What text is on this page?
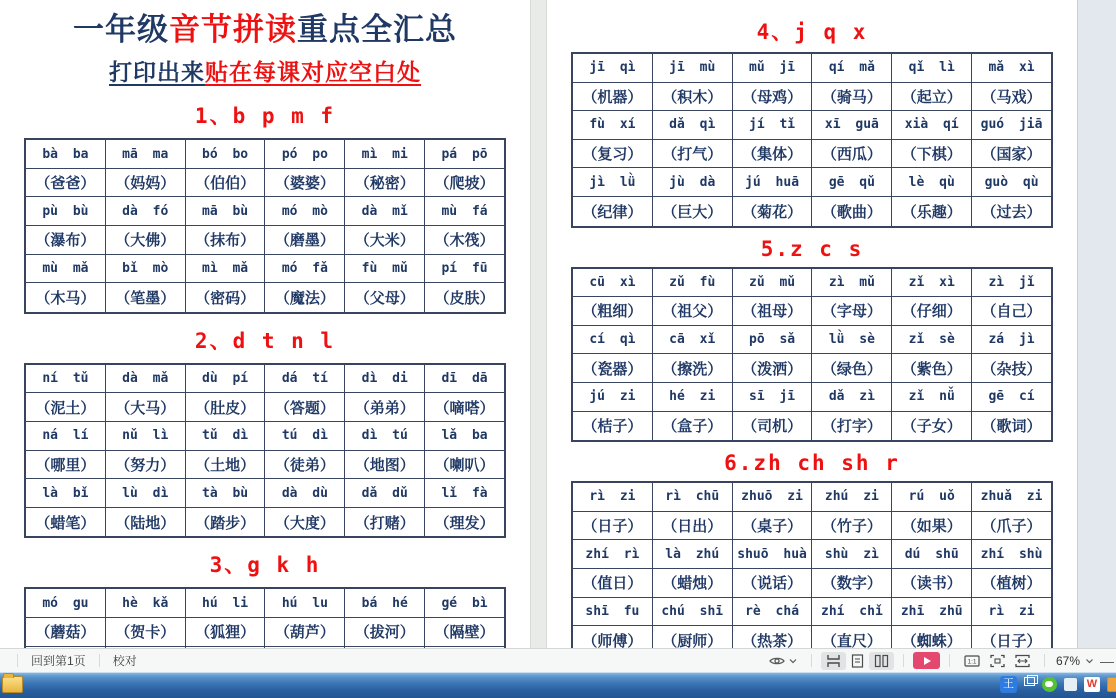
一年级音节拼读重点全汇总
打印出来贴在每课对应空白处
1、b p m f
bà ba	mā ma	bó bo	pó po	mì mi	pá pō
（爸爸）	（妈妈）	（伯伯）	（婆婆）	（秘密）	（爬坡）
pù bù	dà fó	mā bù	mó mò	dà mǐ	mù fá
（瀑布）	（大佛）	（抹布）	（磨墨）	（大米）	（木筏）
mù mǎ	bǐ mò	mì mǎ	mó fǎ	fù mǔ	pí fū
（木马）	（笔墨）	（密码）	（魔法）	（父母）	（皮肤）
2、d t n l
ní tǔ	dà mǎ	dù pí	dá tí	dì di	dī dā
（泥土）	（大马）	（肚皮）	（答题）	（弟弟）	（嘀嗒）
ná lí	nǔ lì	tǔ dì	tú dì	dì tú	lǎ ba
（哪里）	（努力）	（土地）	（徒弟）	（地图）	（喇叭）
là bǐ	lù dì	tà bù	dà dù	dǎ dǔ	lǐ fà
（蜡笔）	（陆地）	（踏步）	（大度）	（打赌）	（理发）
3、g k h
mó gu	hè kǎ	hú li	hú lu	bá hé	gé bì
（蘑菇）	（贺卡）	（狐狸）	（葫芦）	（拔河）	（隔壁）
4、j q x
jī qì	jī mù	mǔ jī	qí mǎ	qǐ lì	mǎ xì
（机器）	（积木）	（母鸡）	（骑马）	（起立）	（马戏）
fù xí	dǎ qì	jí tǐ	xī guā	xià qí	guó jiā
（复习）	（打气）	（集体）	（西瓜）	（下棋）	（国家）
jì lǜ	jù dà	jú huā	gē qǔ	lè qù	guò qù
（纪律）	（巨大）	（菊花）	（歌曲）	（乐趣）	（过去）
5.z c s
cū xì	zǔ fù	zǔ mǔ	zì mǔ	zǐ xì	zì jǐ
（粗细）	（祖父）	（祖母）	（字母）	（仔细）	（自己）
cí qì	cā xǐ	pō sǎ	lǜ sè	zǐ sè	zá jì
（瓷器）	（擦洗）	（泼洒）	（绿色）	（紫色）	（杂技）
jú zi	hé zi	sī jī	dǎ zì	zǐ nǚ	gē cí
（桔子）	（盒子）	（司机）	（打字）	（子女）	（歌词）
6.zh ch sh r
rì zi	rì chū	zhuō zi	zhú zi	rú uǒ	zhuǎ zi
（日子）	（日出）	（桌子）	（竹子）	（如果）	（爪子）
zhí rì	là zhú	shuō huà	shù zì	dú shū	zhí shù
（值日）	（蜡烛）	（说话）	（数字）	（读书）	（植树）
shī fu	chú shī	rè chá	zhí chǐ	zhī zhū	rì zi
（师傅）	（厨师）	（热茶）	（直尺）	（蜘蛛）	（日子）
回到第1页	校对	1:1	67% —
王
W
